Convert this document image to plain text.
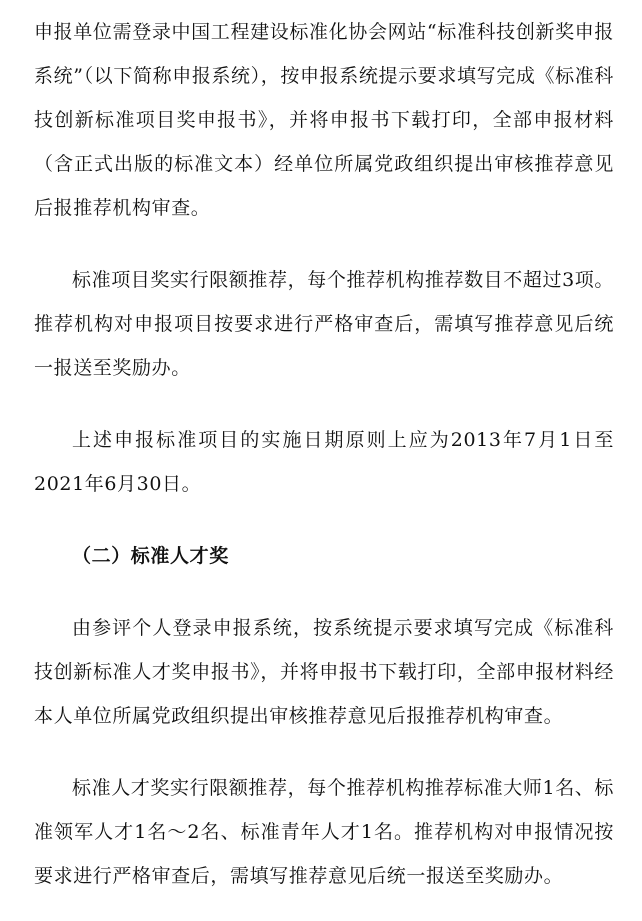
申报单位需登录中国工程建设标准化协会网站“标准科技创新奖申报系统”（以下简称申报系统），按申报系统提示要求填写完成《标准科技创新标准项目奖申报书》，并将申报书下载打印，全部申报材料（含正式出版的标准文本）经单位所属党政组织提出审核推荐意见后报推荐机构审查。

标准项目奖实行限额推荐，每个推荐机构推荐数目不超过3项。推荐机构对申报项目按要求进行严格审查后，需填写推荐意见后统一报送至奖励办。

上述申报标准项目的实施日期原则上应为2013年7月1日至2021年6月30日。

（二）标准人才奖

由参评个人登录申报系统，按系统提示要求填写完成《标准科技创新标准人才奖申报书》，并将申报书下载打印，全部申报材料经本人单位所属党政组织提出审核推荐意见后报推荐机构审查。

标准人才奖实行限额推荐，每个推荐机构推荐标准大师1名、标准领军人才1名～2名、标准青年人才1名。推荐机构对申报情况按要求进行严格审查后，需填写推荐意见后统一报送至奖励办。
